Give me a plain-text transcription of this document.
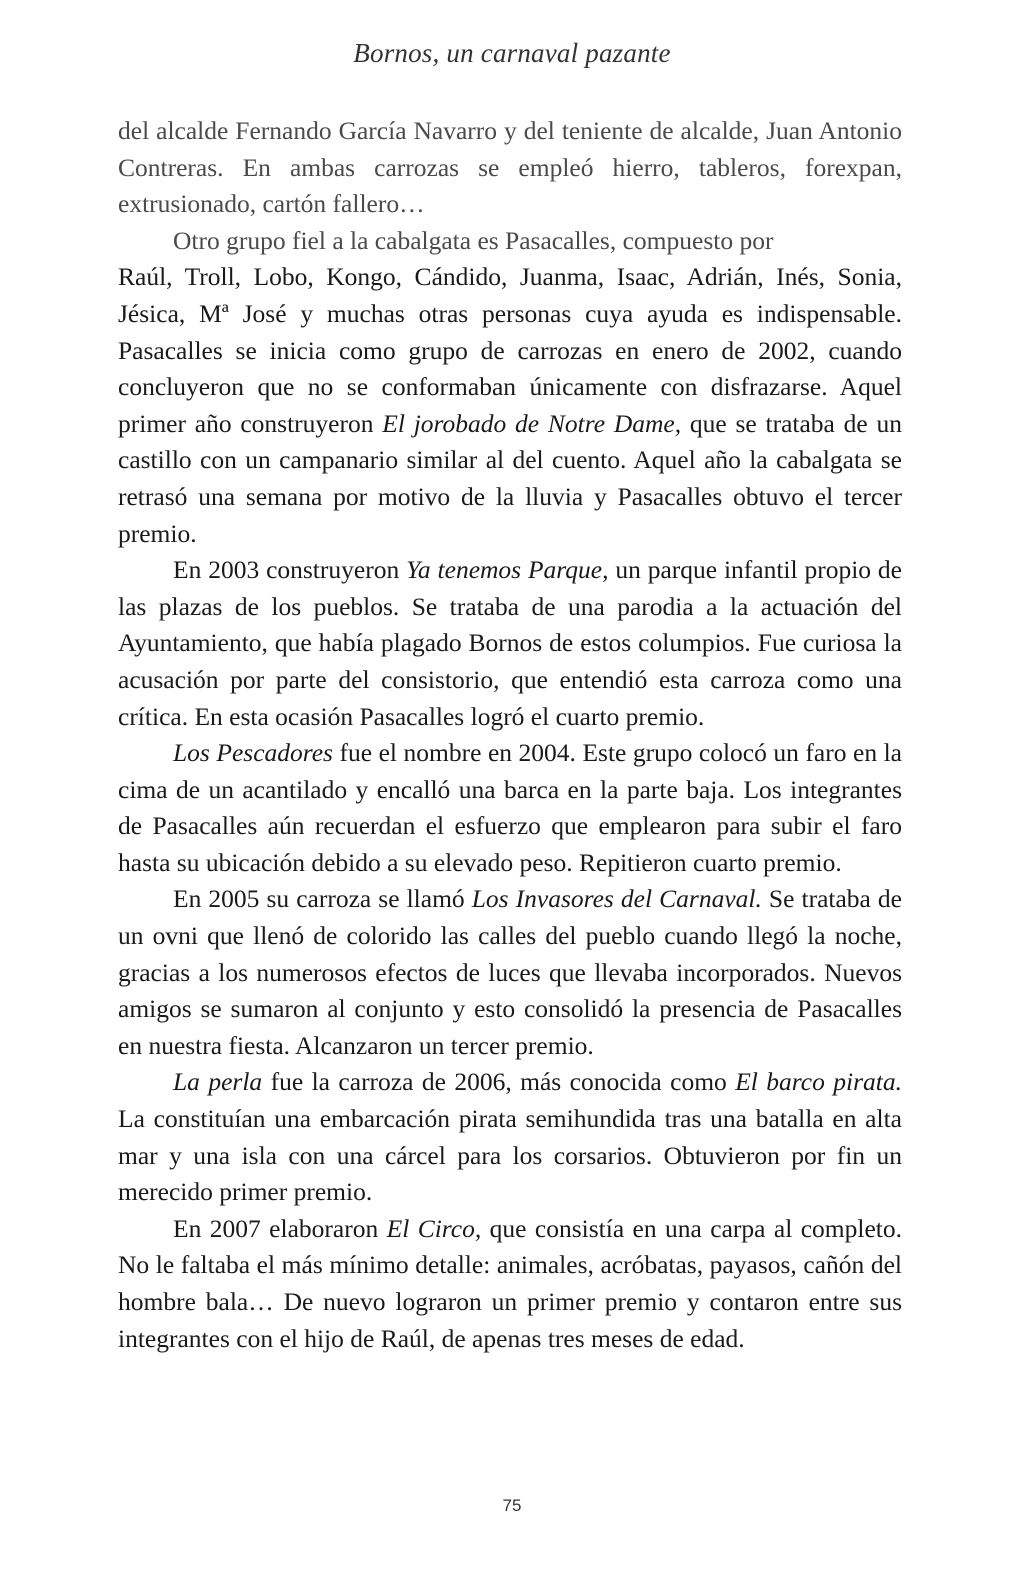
Bornos, un carnaval pazante

del alcalde Fernando García Navarro y del teniente de alcalde, Juan Antonio Contreras. En ambas carrozas se empleó hierro, tableros, forexpan, extrusionado, cartón fallero…

Otro grupo fiel a la cabalgata es Pasacalles, compuesto por

Raúl, Troll, Lobo, Kongo, Cándido, Juanma, Isaac, Adrián, Inés, Sonia, Jésica, Mª José y muchas otras personas cuya ayuda es indispensable. Pasacalles se inicia como grupo de carrozas en enero de 2002, cuando concluyeron que no se conformaban únicamente con disfrazarse. Aquel primer año construyeron El jorobado de Notre Dame, que se trataba de un castillo con un campanario similar al del cuento. Aquel año la cabalgata se retrasó una semana por motivo de la lluvia y Pasacalles obtuvo el tercer premio.

En 2003 construyeron Ya tenemos Parque, un parque infantil propio de las plazas de los pueblos. Se trataba de una parodia a la actuación del Ayuntamiento, que había plagado Bornos de estos columpios. Fue curiosa la acusación por parte del consistorio, que entendió esta carroza como una crítica. En esta ocasión Pasacalles logró el cuarto premio.

Los Pescadores fue el nombre en 2004. Este grupo colocó un faro en la cima de un acantilado y encalló una barca en la parte baja. Los integrantes de Pasacalles aún recuerdan el esfuerzo que emplearon para subir el faro hasta su ubicación debido a su elevado peso. Repitieron cuarto premio.

En 2005 su carroza se llamó Los Invasores del Carnaval. Se trataba de un ovni que llenó de colorido las calles del pueblo cuando llegó la noche, gracias a los numerosos efectos de luces que llevaba incorporados. Nuevos amigos se sumaron al conjunto y esto consolidó la presencia de Pasacalles en nuestra fiesta. Alcanzaron un tercer premio.

La perla fue la carroza de 2006, más conocida como El barco pirata. La constituían una embarcación pirata semihundida tras una batalla en alta mar y una isla con una cárcel para los corsarios. Obtuvieron por fin un merecido primer premio.

En 2007 elaboraron El Circo, que consistía en una carpa al completo. No le faltaba el más mínimo detalle: animales, acróbatas, payasos, cañón del hombre bala… De nuevo lograron un primer premio y contaron entre sus integrantes con el hijo de Raúl, de apenas tres meses de edad.

75
